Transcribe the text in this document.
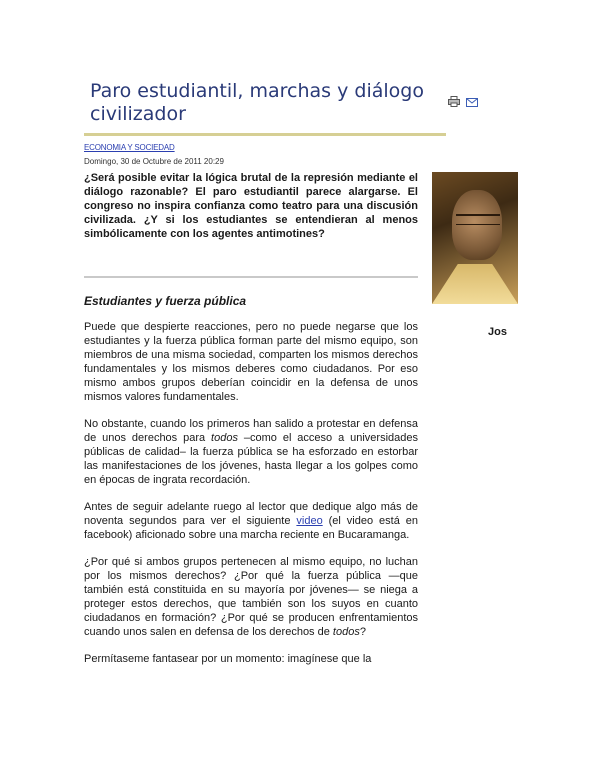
Paro estudiantil, marchas y diálogo civilizador
ECONOMIA Y SOCIEDAD
Domingo, 30 de Octubre de 2011 20:29
¿Será posible evitar la lógica brutal de la represión mediante el diálogo razonable? El paro estudiantil parece alargarse. El congreso no inspira confianza como teatro para una discusión civilizada. ¿Y si los estudiantes se entendieran al menos simbólicamente con los agentes antimotines?
Jos
Estudiantes y fuerza pública

Puede que despierte reacciones, pero no puede negarse que los estudiantes y la fuerza pública forman parte del mismo equipo, son miembros de una misma sociedad, comparten los mismos derechos fundamentales y los mismos deberes como ciudadanos. Por eso mismo ambos grupos deberían coincidir en la defensa de unos mismos valores fundamentales.

No obstante, cuando los primeros han salido a protestar en defensa de unos derechos para todos –como el acceso a universidades públicas de calidad– la fuerza pública se ha esforzado en estorbar las manifestaciones de los jóvenes, hasta llegar a los golpes como en épocas de ingrata recordación.

Antes de seguir adelante ruego al lector que dedique algo más de noventa segundos para ver el siguiente video (el video está en facebook) aficionado sobre una marcha reciente en Bucaramanga.

¿Por qué si ambos grupos pertenecen al mismo equipo, no luchan por los mismos derechos? ¿Por qué la fuerza pública —que también está constituida en su mayoría por jóvenes— se niega a proteger estos derechos, que también son los suyos en cuanto ciudadanos en formación? ¿Por qué se producen enfrentamientos cuando unos salen en defensa de los derechos de todos?

Permítaseme fantasear por un momento: imagínese que la
